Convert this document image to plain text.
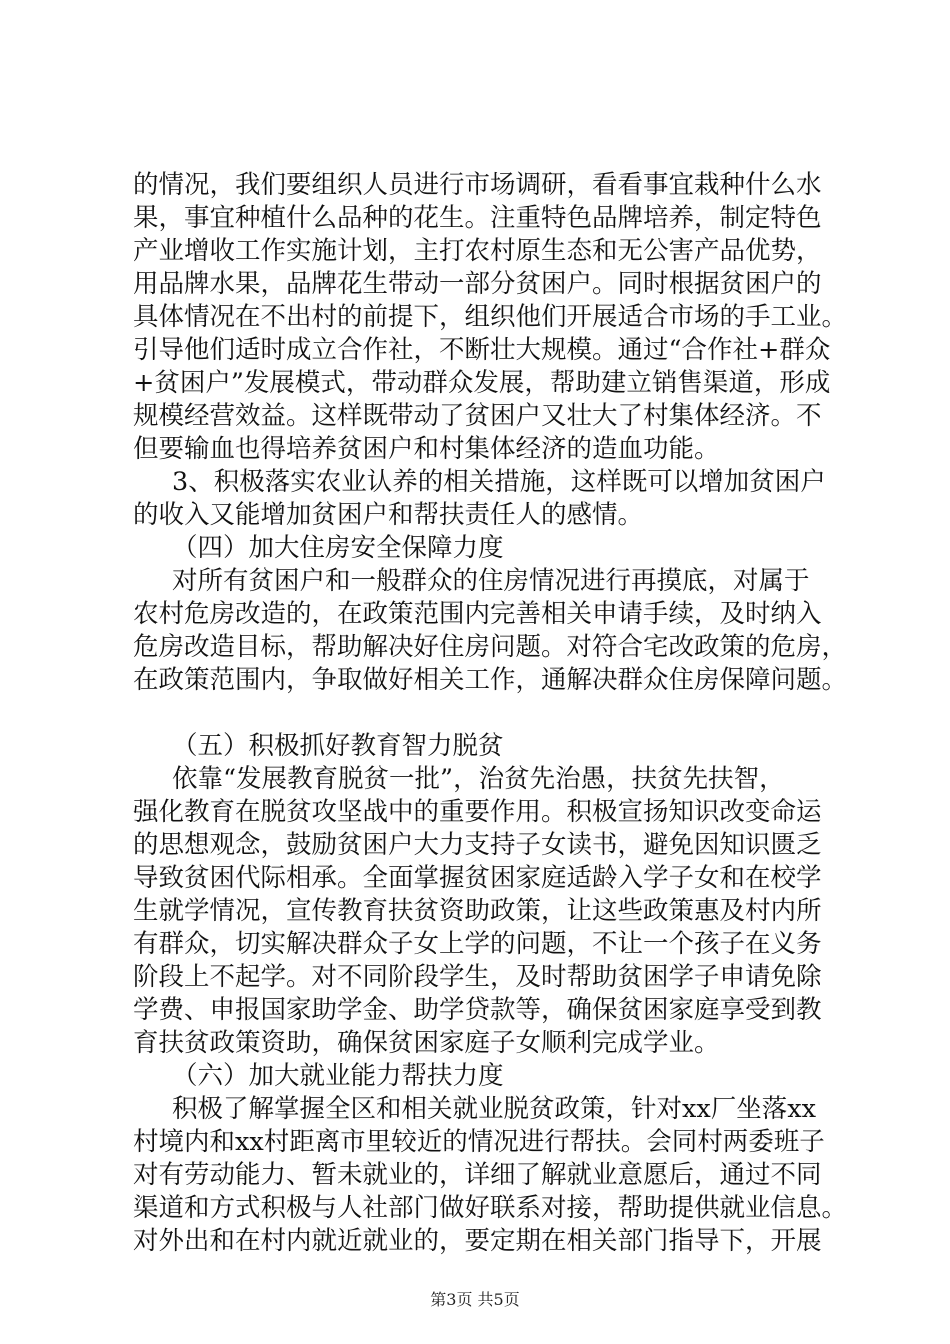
的情况，我们要组织人员进行市场调研，看看事宜栽种什么水
果，事宜种植什么品种的花生。注重特色品牌培养，制定特色
产业增收工作实施计划，主打农村原生态和无公害产品优势，
用品牌水果，品牌花生带动一部分贫困户。同时根据贫困户的
具体情况在不出村的前提下，组织他们开展适合市场的手工业。
引导他们适时成立合作社，不断壮大规模。通过“合作社+群众
+贫困户”发展模式，带动群众发展，帮助建立销售渠道，形成
规模经营效益。这样既带动了贫困户又壮大了村集体经济。不
但要输血也得培养贫困户和村集体经济的造血功能。
3、积极落实农业认养的相关措施，这样既可以增加贫困户
的收入又能增加贫困户和帮扶责任人的感情。
（四）加大住房安全保障力度
对所有贫困户和一般群众的住房情况进行再摸底，对属于
农村危房改造的，在政策范围内完善相关申请手续，及时纳入
危房改造目标，帮助解决好住房问题。对符合宅改政策的危房，
在政策范围内，争取做好相关工作，通解决群众住房保障问题。
（五）积极抓好教育智力脱贫
依靠“发展教育脱贫一批”，治贫先治愚，扶贫先扶智，
强化教育在脱贫攻坚战中的重要作用。积极宣扬知识改变命运
的思想观念，鼓励贫困户大力支持子女读书，避免因知识匮乏
导致贫困代际相承。全面掌握贫困家庭适龄入学子女和在校学
生就学情况，宣传教育扶贫资助政策，让这些政策惠及村内所
有群众，切实解决群众子女上学的问题，不让一个孩子在义务
阶段上不起学。对不同阶段学生，及时帮助贫困学子申请免除
学费、申报国家助学金、助学贷款等，确保贫困家庭享受到教
育扶贫政策资助，确保贫困家庭子女顺利完成学业。
（六）加大就业能力帮扶力度
积极了解掌握全区和相关就业脱贫政策，针对xx厂坐落xx
村境内和xx村距离市里较近的情况进行帮扶。会同村两委班子
对有劳动能力、暂未就业的，详细了解就业意愿后，通过不同
渠道和方式积极与人社部门做好联系对接，帮助提供就业信息。
对外出和在村内就近就业的，要定期在相关部门指导下，开展
第3页 共5页
